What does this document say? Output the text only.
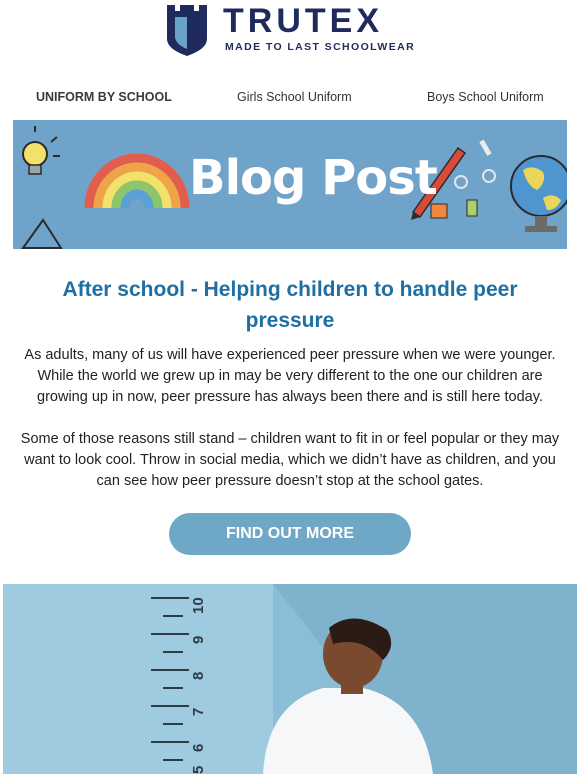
TRUTEX
MADE TO LAST SCHOOLWEAR
UNIFORM BY SCHOOL	Girls School Uniform	Boys School Uniform
Blog Post
After school - Helping children to handle peer pressure
As adults, many of us will have experienced peer pressure when we were younger. While the world we grew up in may be very different to the one our children are growing up in now, peer pressure has always been there and is still here today.
Some of those reasons still stand – children want to fit in or feel popular or they may want to look cool. Throw in social media, which we didn’t have as children, and you can see how peer pressure doesn’t stop at the school gates.
FIND OUT MORE
10
9
8
7
6
5
